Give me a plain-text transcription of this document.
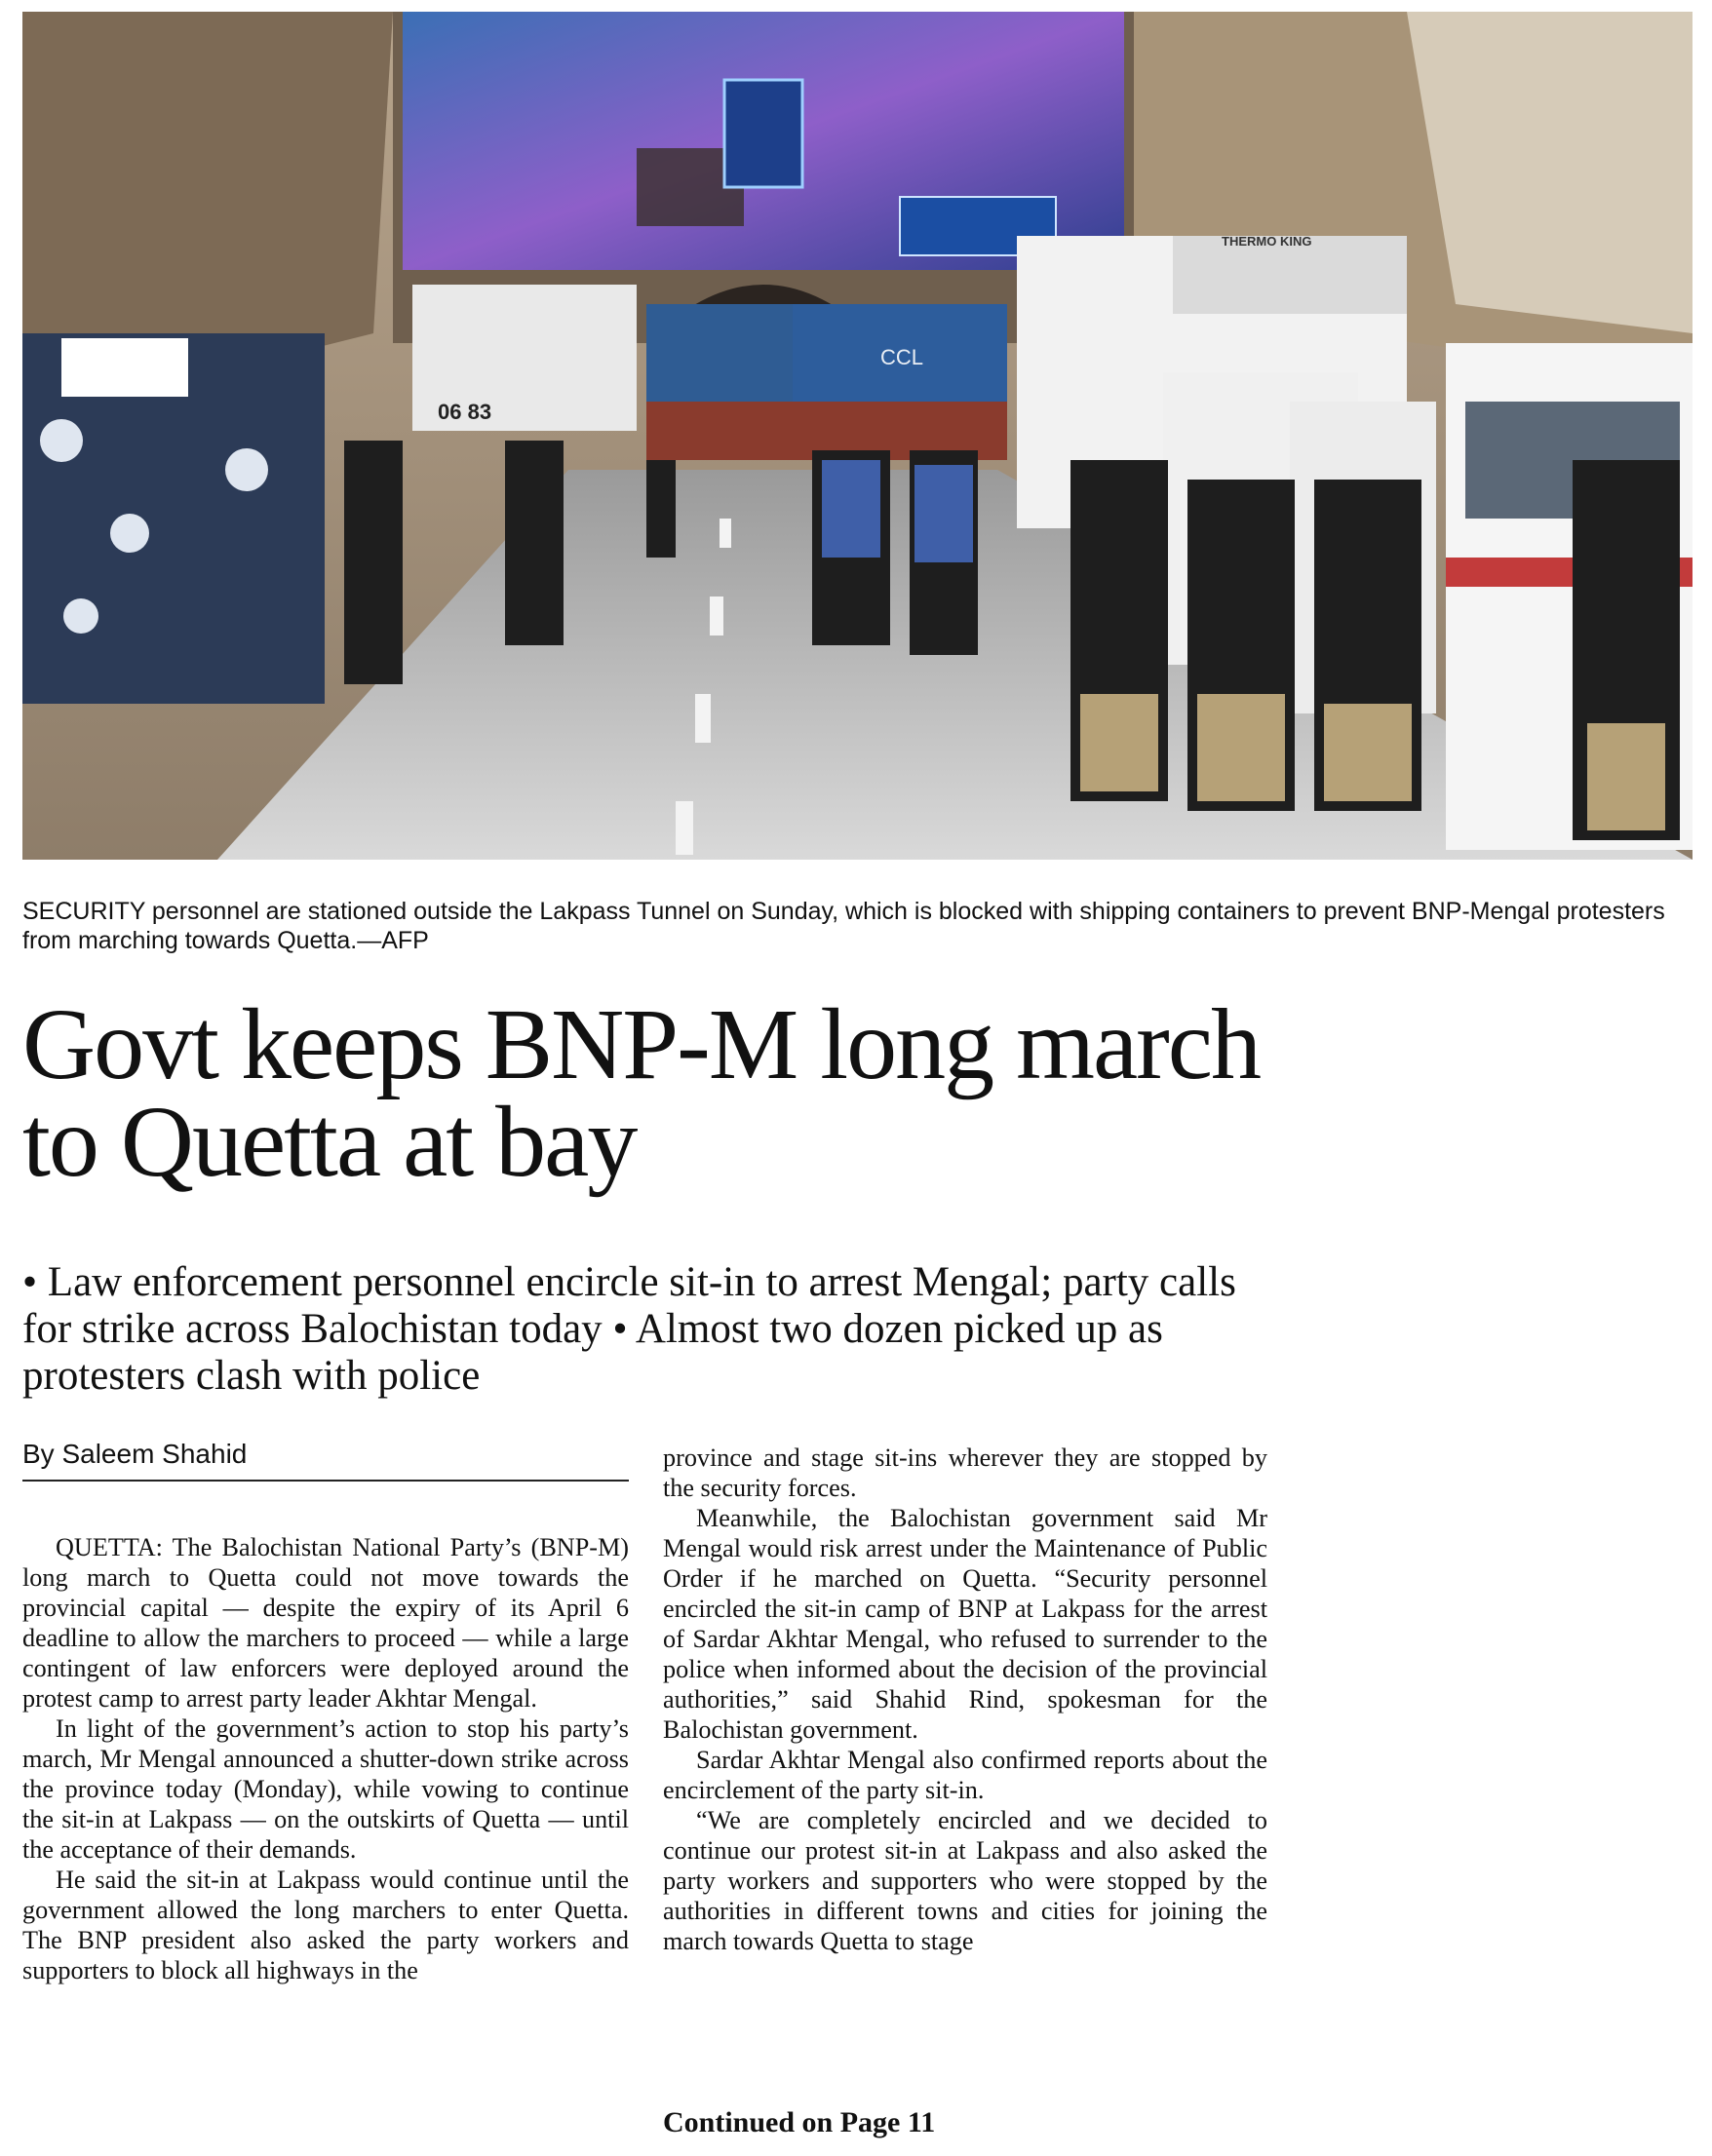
CCL
06 83
THERMO KING
SECURITY personnel are stationed outside the Lakpass Tunnel on Sunday, which is blocked with shipping containers to prevent BNP-Mengal protesters from marching towards Quetta.—AFP
Govt keeps BNP-M long march to Quetta at bay
• Law enforcement personnel encircle sit-in to arrest Mengal; party calls for strike across Balochistan today • Almost two dozen picked up as protesters clash with police
By Saleem Shahid

QUETTA: The Balochistan National Party’s (BNP-M) long march to Quetta could not move towards the provincial capital — despite the expiry of its April 6 deadline to allow the marchers to proceed — while a large contingent of law enforcers were deployed around the protest camp to arrest party leader Akhtar Mengal.

In light of the government’s action to stop his party’s march, Mr Mengal announced a shutter-down strike across the province today (Monday), while vowing to continue the sit-in at Lakpass — on the outskirts of Quetta — until the acceptance of their demands.

He said the sit-in at Lakpass would continue until the government allowed the long marchers to enter Quetta. The BNP president also asked the party workers and supporters to block all highways in the

province and stage sit-ins wherever they are stopped by the security forces.

Meanwhile, the Balochistan government said Mr Mengal would risk arrest under the Maintenance of Public Order if he marched on Quetta. “Security personnel encircled the sit-in camp of BNP at Lakpass for the arrest of Sardar Akhtar Mengal, who refused to surrender to the police when informed about the decision of the provincial authorities,” said Shahid Rind, spokesman for the Balochistan government.

Sardar Akhtar Mengal also confirmed reports about the encirclement of the party sit-in.

“We are completely encircled and we decided to continue our protest sit-in at Lakpass and also asked the party workers and supporters who were stopped by the authorities in different towns and cities for joining the march towards Quetta to stage

Continued on Page 11
